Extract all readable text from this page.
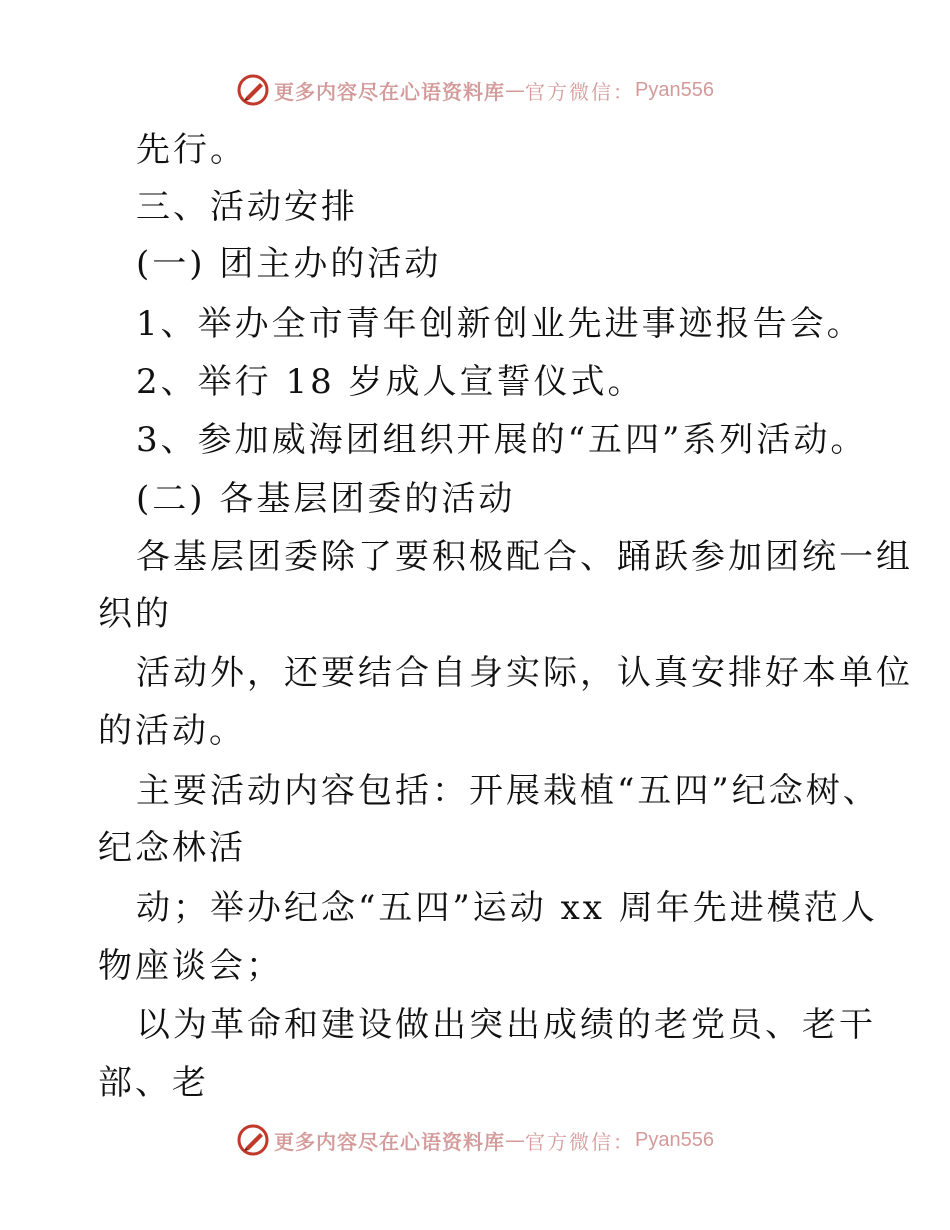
更多内容尽在心语资料库 — 官方微信： Pyan556
先行。
三、活动安排
(一) 团主办的活动
1、举办全市青年创新创业先进事迹报告会。
2、举行 18 岁成人宣誓仪式。
3、参加威海团组织开展的“五四”系列活动。
(二) 各基层团委的活动
各基层团委除了要积极配合、踊跃参加团统一组
织的
活动外，还要结合自身实际，认真安排好本单位
的活动。
主要活动内容包括：开展栽植“五四”纪念树、
纪念林活
动；举办纪念“五四”运动 xx 周年先进模范人
物座谈会；
以为革命和建设做出突出成绩的老党员、老干
部、老
更多内容尽在心语资料库 — 官方微信： Pyan556
